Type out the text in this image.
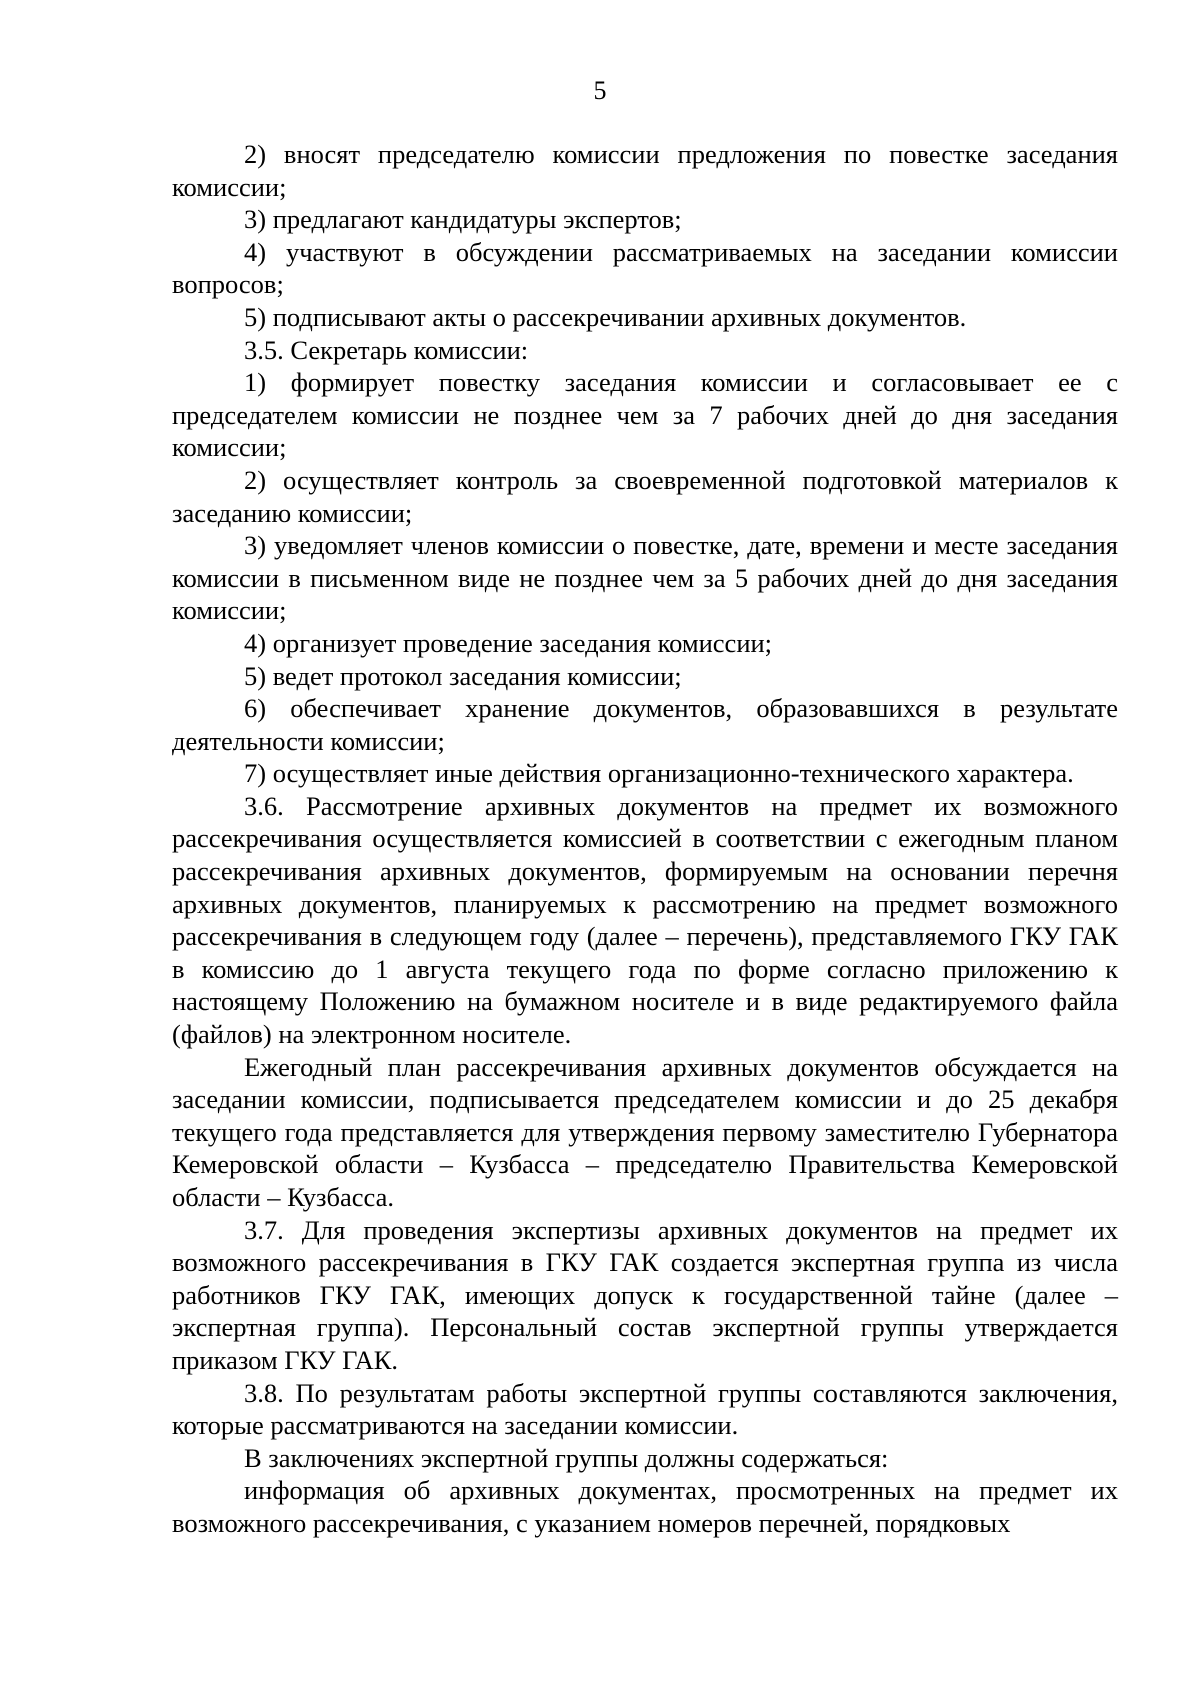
5

2) вносят председателю комиссии предложения по повестке заседания комиссии;

3) предлагают кандидатуры экспертов;

4) участвуют в обсуждении рассматриваемых на заседании комиссии вопросов;

5) подписывают акты о рассекречивании архивных документов.

3.5. Секретарь комиссии:

1) формирует повестку заседания комиссии и согласовывает ее с председателем комиссии не позднее чем за 7 рабочих дней до дня заседания комиссии;

2) осуществляет контроль за своевременной подготовкой материалов к заседанию комиссии;

3) уведомляет членов комиссии о повестке, дате, времени и месте заседания комиссии в письменном виде не позднее чем за 5 рабочих дней до дня заседания комиссии;

4) организует проведение заседания комиссии;

5) ведет протокол заседания комиссии;

6) обеспечивает хранение документов, образовавшихся в результате деятельности комиссии;

7) осуществляет иные действия организационно-технического характера.

3.6. Рассмотрение архивных документов на предмет их возможного рассекречивания осуществляется комиссией в соответствии с ежегодным планом рассекречивания архивных документов, формируемым на основании перечня архивных документов, планируемых к рассмотрению на предмет возможного рассекречивания в следующем году (далее – перечень), представляемого ГКУ ГАК в комиссию до 1 августа текущего года по форме согласно приложению к настоящему Положению на бумажном носителе и в виде редактируемого файла (файлов) на электронном носителе.

Ежегодный план рассекречивания архивных документов обсуждается на заседании комиссии, подписывается председателем комиссии и до 25 декабря текущего года представляется для утверждения первому заместителю Губернатора Кемеровской области – Кузбасса – председателю Правительства Кемеровской области – Кузбасса.

3.7. Для проведения экспертизы архивных документов на предмет их возможного рассекречивания в ГКУ ГАК создается экспертная группа из числа работников ГКУ ГАК, имеющих допуск к государственной тайне (далее – экспертная группа). Персональный состав экспертной группы утверждается приказом ГКУ ГАК.

3.8. По результатам работы экспертной группы составляются заключения, которые рассматриваются на заседании комиссии.

В заключениях экспертной группы должны содержаться:

информация об архивных документах, просмотренных на предмет их возможного рассекречивания, с указанием номеров перечней, порядковых
